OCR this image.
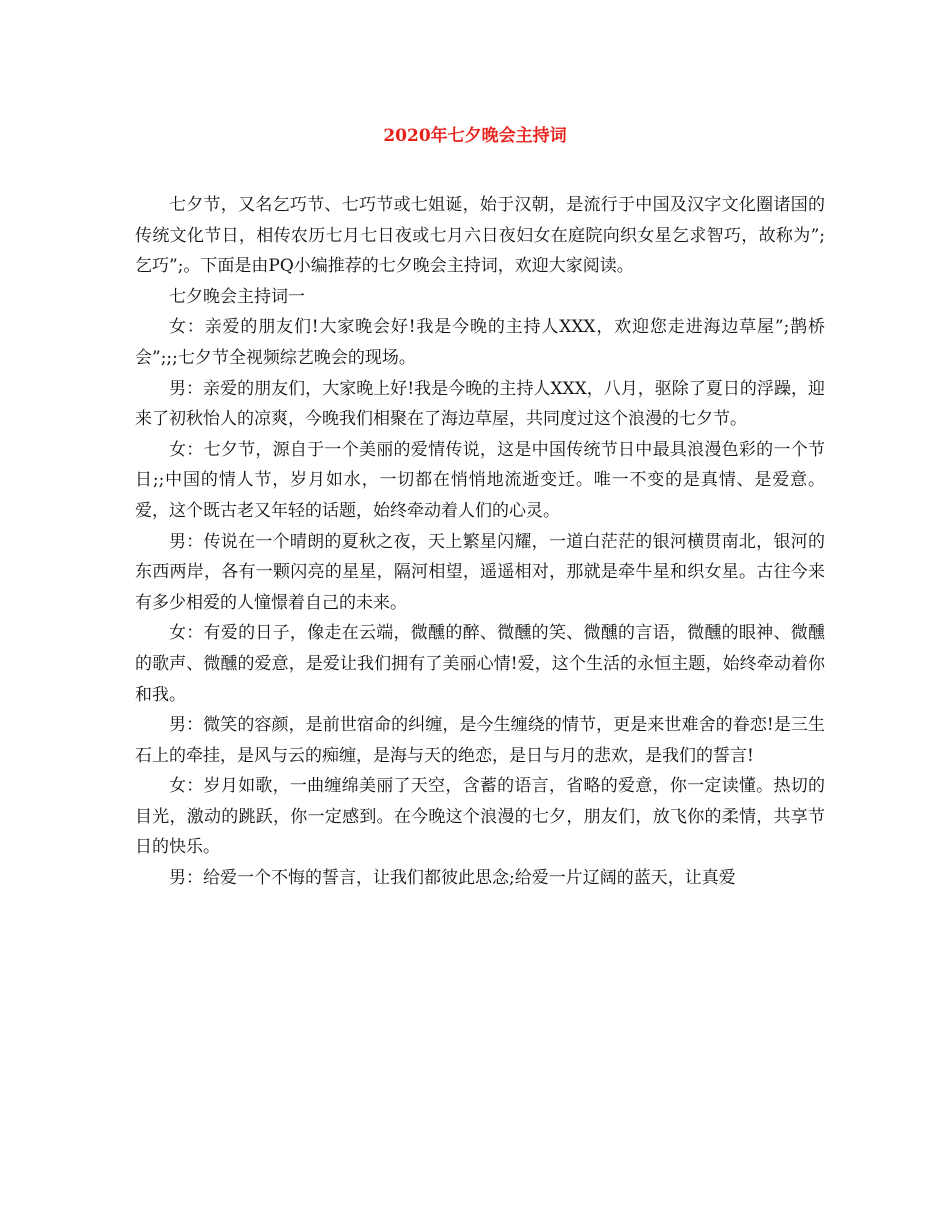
2020年七夕晚会主持词

七夕节，又名乞巧节、七巧节或七姐诞，始于汉朝，是流行于中国及汉字文化圈诸国的传统文化节日，相传农历七月七日夜或七月六日夜妇女在庭院向织女星乞求智巧，故称为”;乞巧”;。下面是由PQ小编推荐的七夕晚会主持词，欢迎大家阅读。

七夕晚会主持词一

女：亲爱的朋友们!大家晚会好!我是今晚的主持人XXX，欢迎您走进海边草屋”;鹊桥会”;;;七夕节全视频综艺晚会的现场。

男：亲爱的朋友们，大家晚上好!我是今晚的主持人XXX，八月，驱除了夏日的浮躁，迎来了初秋怡人的凉爽，今晚我们相聚在了海边草屋，共同度过这个浪漫的七夕节。

女：七夕节，源自于一个美丽的爱情传说，这是中国传统节日中最具浪漫色彩的一个节日;;中国的情人节，岁月如水，一切都在悄悄地流逝变迁。唯一不变的是真情、是爱意。爱，这个既古老又年轻的话题，始终牵动着人们的心灵。

男：传说在一个晴朗的夏秋之夜，天上繁星闪耀，一道白茫茫的银河横贯南北，银河的东西两岸，各有一颗闪亮的星星，隔河相望，遥遥相对，那就是牵牛星和织女星。古往今来有多少相爱的人憧憬着自己的未来。

女：有爱的日子，像走在云端，微醺的醉、微醺的笑、微醺的言语，微醺的眼神、微醺的歌声、微醺的爱意，是爱让我们拥有了美丽心情!爱，这个生活的永恒主题，始终牵动着你和我。

男：微笑的容颜，是前世宿命的纠缠，是今生缠绕的情节，更是来世难舍的眷恋!是三生石上的牵挂，是风与云的痴缠，是海与天的绝恋，是日与月的悲欢，是我们的誓言!

女：岁月如歌，一曲缠绵美丽了天空，含蓄的语言，省略的爱意，你一定读懂。热切的目光，激动的跳跃，你一定感到。在今晚这个浪漫的七夕，朋友们，放飞你的柔情，共享节日的快乐。

男：给爱一个不悔的誓言，让我们都彼此思念;给爱一片辽阔的蓝天，让真爱
